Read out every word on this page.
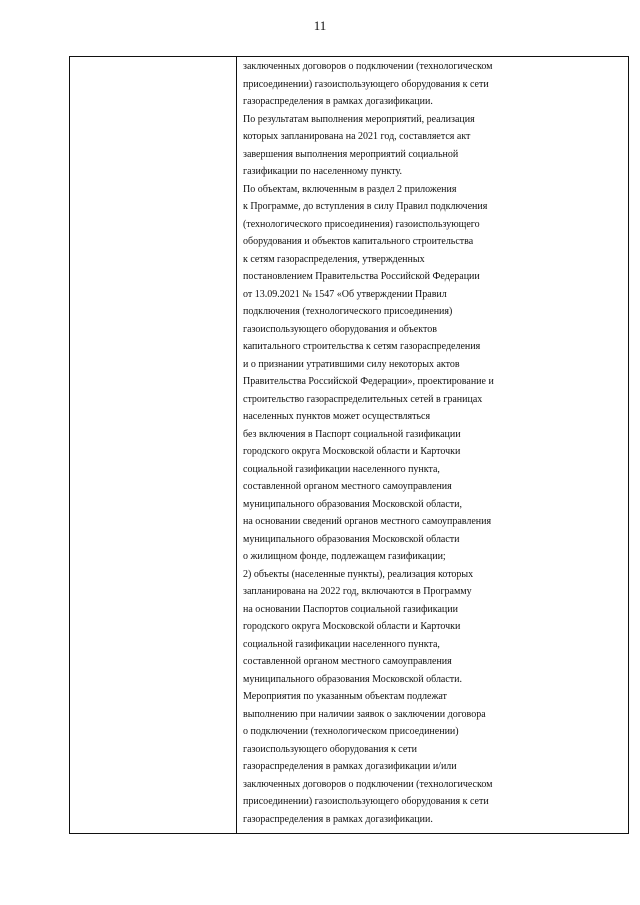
11
заключенных договоров о подключении (технологическом
присоединении) газоиспользующего оборудования к сети
газораспределения в рамках догазификации.
По результатам выполнения мероприятий, реализация
которых запланирована на 2021 год, составляется акт
завершения выполнения мероприятий социальной
газификации по населенному пункту.
По объектам, включенным в раздел 2 приложения
к Программе, до вступления в силу Правил подключения
(технологического присоединения) газоиспользующего
оборудования и объектов капитального строительства
к сетям газораспределения, утвержденных
постановлением Правительства Российской Федерации
от 13.09.2021 № 1547 «Об утверждении Правил
подключения (технологического присоединения)
газоиспользующего оборудования и объектов
капитального строительства к сетям газораспределения
и о признании утратившими силу некоторых актов
Правительства Российской Федерации», проектирование и
строительство газораспределительных сетей в границах
населенных пунктов может осуществляться
без включения в Паспорт социальной газификации
городского округа Московской области и Карточки
социальной газификации населенного пункта,
составленной органом местного самоуправления
муниципального образования Московской области,
на основании сведений органов местного самоуправления
муниципального образования Московской области
о жилищном фонде, подлежащем газификации;
2) объекты (населенные пункты), реализация которых
запланирована на 2022 год, включаются в Программу
на основании Паспортов социальной газификации
городского округа Московской области и Карточки
социальной газификации населенного пункта,
составленной органом местного самоуправления
муниципального образования Московской области.
Мероприятия по указанным объектам подлежат
выполнению при наличии заявок о заключении договора
о подключении (технологическом присоединении)
газоиспользующего оборудования к сети
газораспределения в рамках догазификации и/или
заключенных договоров о подключении (технологическом
присоединении) газоиспользующего оборудования к сети
газораспределения в рамках догазификации.
